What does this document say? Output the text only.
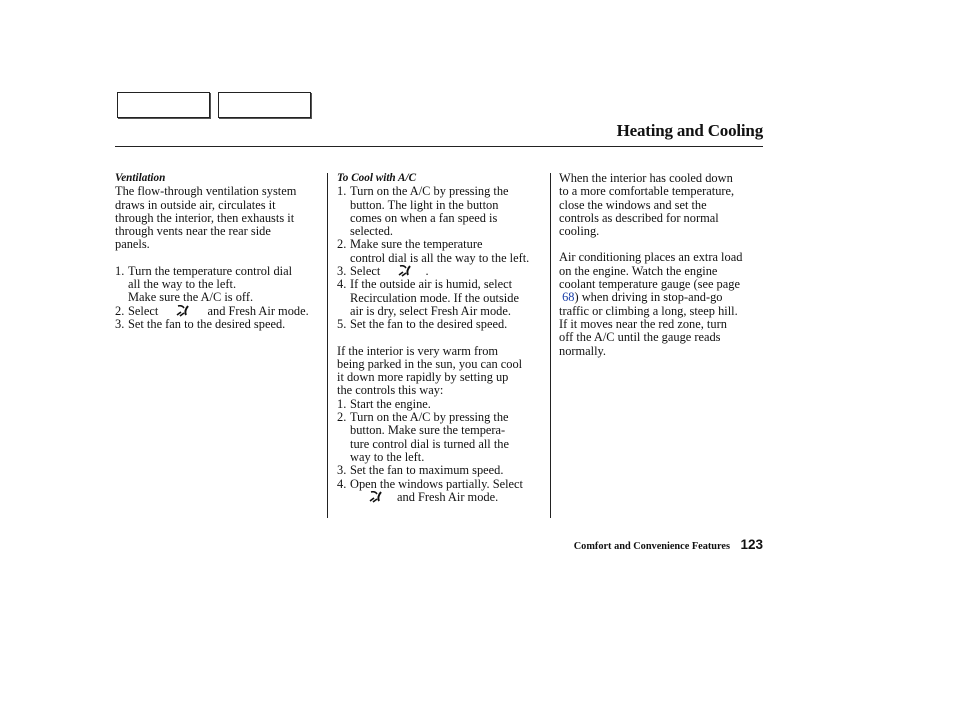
Heating and Cooling
Ventilation

The flow-through ventilation system

draws in outside air, circulates it

through the interior, then exhausts it

through vents near the rear side

panels.

1. Turn the temperature control dial
all the way to the left.
Make sure the A/C is off.
2. Select	and Fresh Air mode.
3. Set the fan to the desired speed.
To Cool with A/C
1. Turn on the A/C by pressing the
button. The light in the button
comes on when a fan speed is
selected.
2. Make sure the temperature
control dial is all the way to the left.
3. Select	.
4. If the outside air is humid, select
Recirculation mode. If the outside
air is dry, select Fresh Air mode.
5. Set the fan to the desired speed.

If the interior is very warm from

being parked in the sun, you can cool

it down more rapidly by setting up

the controls this way:

1. Start the engine.
2. Turn on the A/C by pressing the
button. Make sure the tempera-
ture control dial is turned all the
way to the left.
3. Set the fan to maximum speed.
4. Open the windows partially. Select
and Fresh Air mode.

When the interior has cooled down

to a more comfortable temperature,

close the windows and set the

controls as described for normal

cooling.

Air conditioning places an extra load

on the engine. Watch the engine

coolant temperature gauge (see page

68) when driving in stop-and-go

traffic or climbing a long, steep hill.

If it moves near the red zone, turn

off the A/C until the gauge reads

normally.

Comfort and Convenience Features 123
